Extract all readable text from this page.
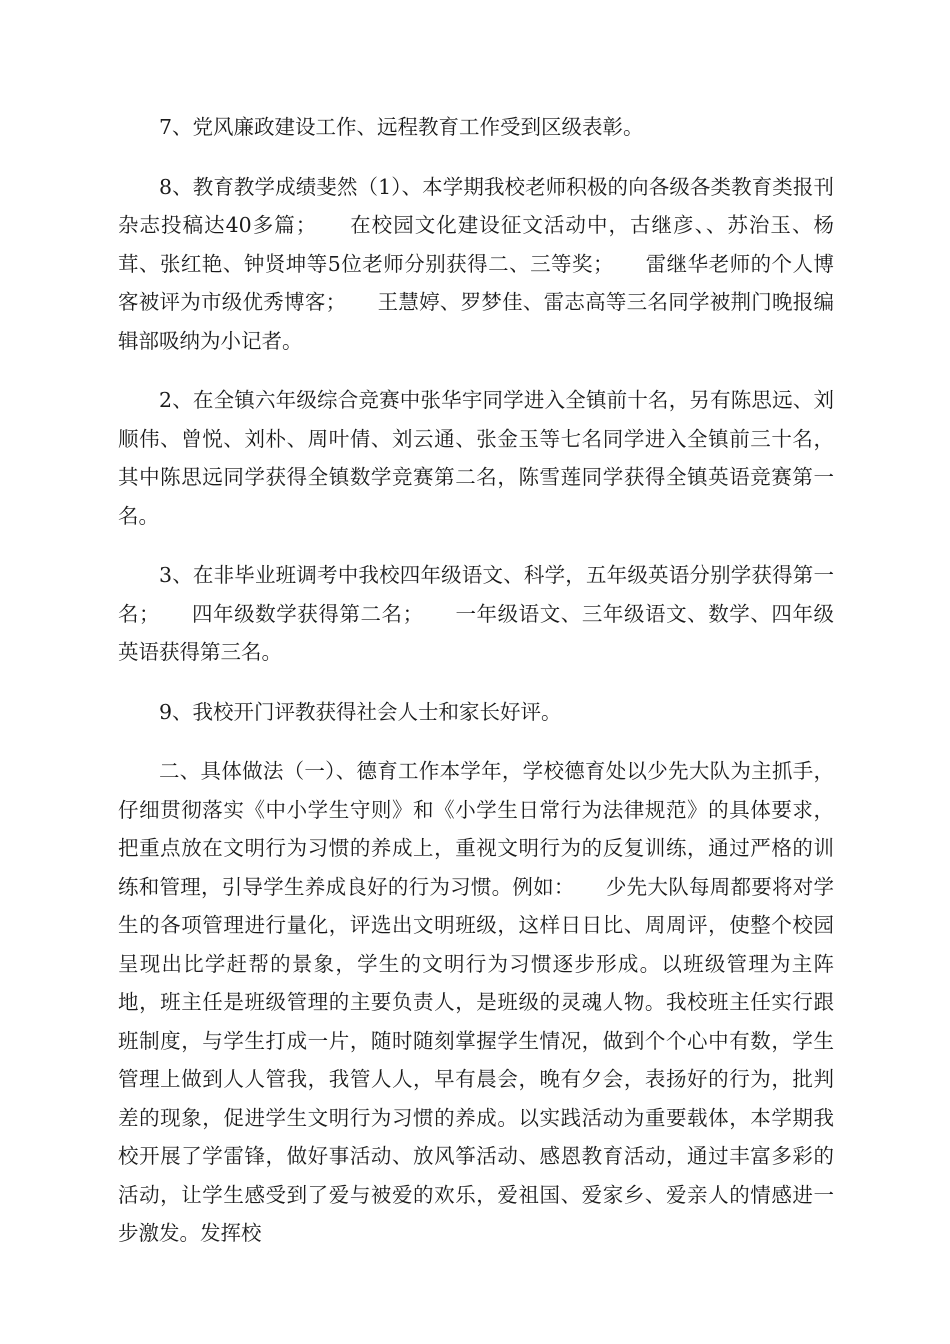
7、党风廉政建设工作、远程教育工作受到区级表彰。

8、教育教学成绩斐然（1）、本学期我校老师积极的向各级各类教育类报刊杂志投稿达40多篇；　　在校园文化建设征文活动中，古继彦、、苏治玉、杨茸、张红艳、钟贤坤等5位老师分别获得二、三等奖；　　雷继华老师的个人博客被评为市级优秀博客；　　王慧婷、罗梦佳、雷志高等三名同学被荆门晚报编辑部吸纳为小记者。

2、在全镇六年级综合竞赛中张华宇同学进入全镇前十名，另有陈思远、刘顺伟、曾悦、刘朴、周叶倩、刘云通、张金玉等七名同学进入全镇前三十名，其中陈思远同学获得全镇数学竞赛第二名，陈雪莲同学获得全镇英语竞赛第一名。

3、在非毕业班调考中我校四年级语文、科学，五年级英语分别学获得第一名；　　四年级数学获得第二名；　　一年级语文、三年级语文、数学、四年级英语获得第三名。

9、我校开门评教获得社会人士和家长好评。

二、具体做法（一）、德育工作本学年，学校德育处以少先大队为主抓手，仔细贯彻落实《中小学生守则》和《小学生日常行为法律规范》的具体要求，把重点放在文明行为习惯的养成上，重视文明行为的反复训练，通过严格的训练和管理，引导学生养成良好的行为习惯。例如：　　少先大队每周都要将对学生的各项管理进行量化，评选出文明班级，这样日日比、周周评，使整个校园呈现出比学赶帮的景象，学生的文明行为习惯逐步形成。以班级管理为主阵地，班主任是班级管理的主要负责人，是班级的灵魂人物。我校班主任实行跟班制度，与学生打成一片，随时随刻掌握学生情况，做到个个心中有数，学生管理上做到人人管我，我管人人，早有晨会，晚有夕会，表扬好的行为，批判差的现象，促进学生文明行为习惯的养成。以实践活动为重要载体，本学期我校开展了学雷锋，做好事活动、放风筝活动、感恩教育活动，通过丰富多彩的活动，让学生感受到了爱与被爱的欢乐，爱祖国、爱家乡、爱亲人的情感进一步激发。发挥校
